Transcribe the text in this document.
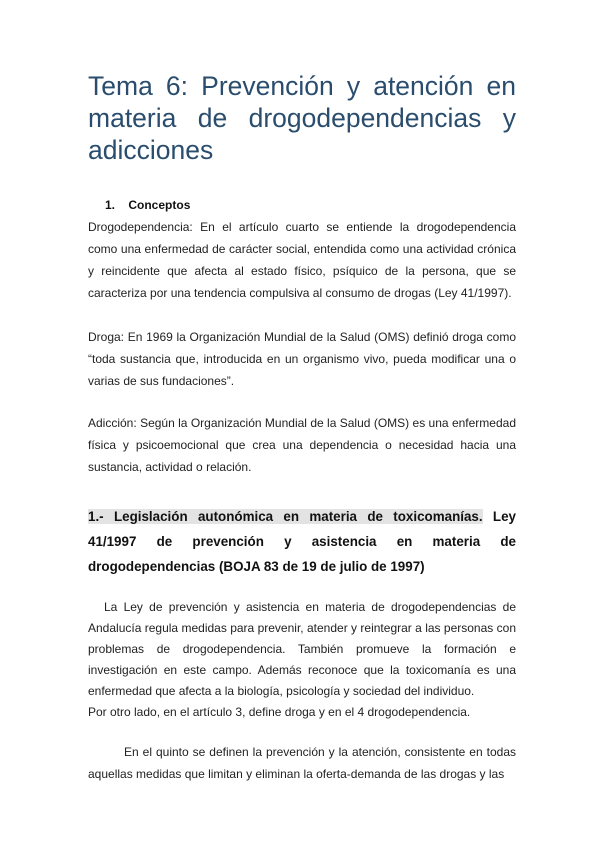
Tema 6: Prevención y atención en materia de drogodependencias y adicciones
1. Conceptos

Drogodependencia: En el artículo cuarto se entiende la drogodependencia como una enfermedad de carácter social, entendida como una actividad crónica y reincidente que afecta al estado físico, psíquico de la persona, que se caracteriza por una tendencia compulsiva al consumo de drogas (Ley 41/1997).

Droga: En 1969 la Organización Mundial de la Salud (OMS) definió droga como “toda sustancia que, introducida en un organismo vivo, pueda modificar una o varias de sus fundaciones”.

Adicción: Según la Organización Mundial de la Salud (OMS) es una enfermedad física y psicoemocional que crea una dependencia o necesidad hacia una sustancia, actividad o relación.

1.- Legislación autonómica en materia de toxicomanías. Ley 41/1997 de prevención y asistencia en materia de drogodependencias (BOJA 83 de 19 de julio de 1997)

La Ley de prevención y asistencia en materia de drogodependencias de Andalucía regula medidas para prevenir, atender y reintegrar a las personas con problemas de drogodependencia. También promueve la formación e investigación en este campo. Además reconoce que la toxicomanía es una enfermedad que afecta a la biología, psicología y sociedad del individuo.

Por otro lado, en el artículo 3, define droga y en el 4 drogodependencia.

En el quinto se definen la prevención y la atención, consistente en todas aquellas medidas que limitan y eliminan la oferta-demanda de las drogas y las
